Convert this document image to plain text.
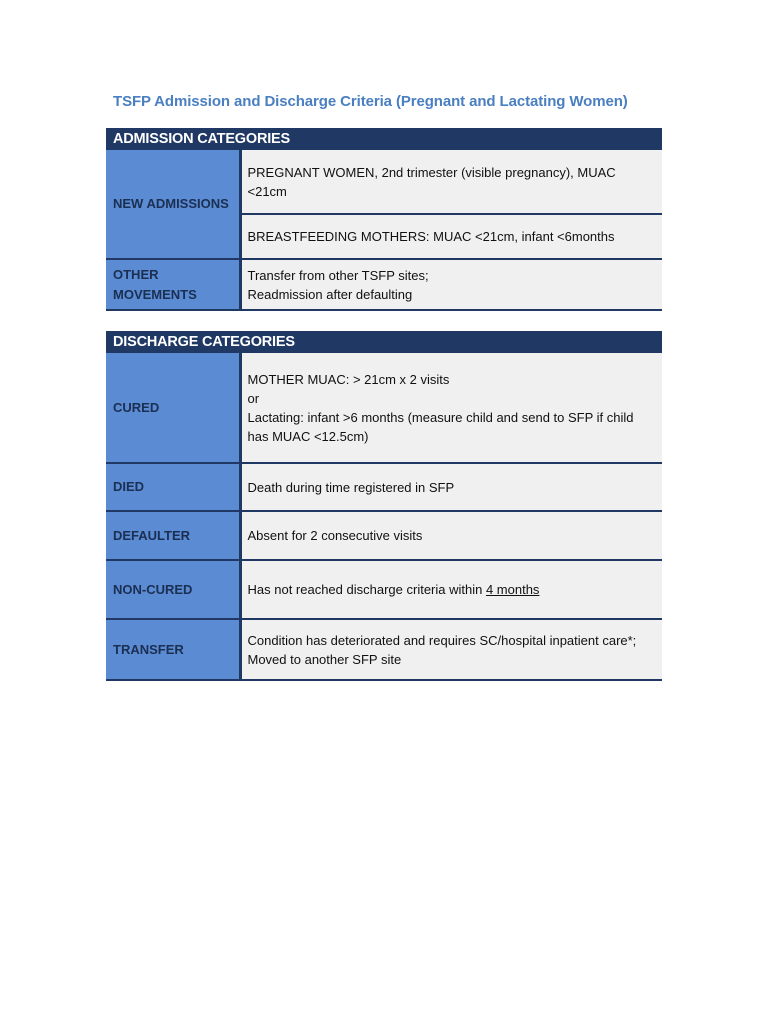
TSFP Admission and Discharge Criteria (Pregnant and Lactating Women)
ADMISSION CATEGORIES	
NEW ADMISSIONS	PREGNANT WOMEN, 2nd trimester (visible pregnancy), MUAC <21cm
	BREASTFEEDING MOTHERS: MUAC <21cm, infant <6months

OTHER
MOVEMENTS	Transfer from other TSFP sites;
Readmission after defaulting
DISCHARGE CATEGORIES	
CURED	MOTHER MUAC: > 21cm x 2 visits
or
Lactating: infant >6 months (measure child and send to SFP if child has MUAC <12.5cm)

DIED	Death during time registered in SFP
DEFAULTER	Absent for 2 consecutive visits
NON-CURED	Has not reached discharge criteria within 4 months
TRANSFER	Condition has deteriorated and requires SC/hospital inpatient care*;
Moved to another SFP site
